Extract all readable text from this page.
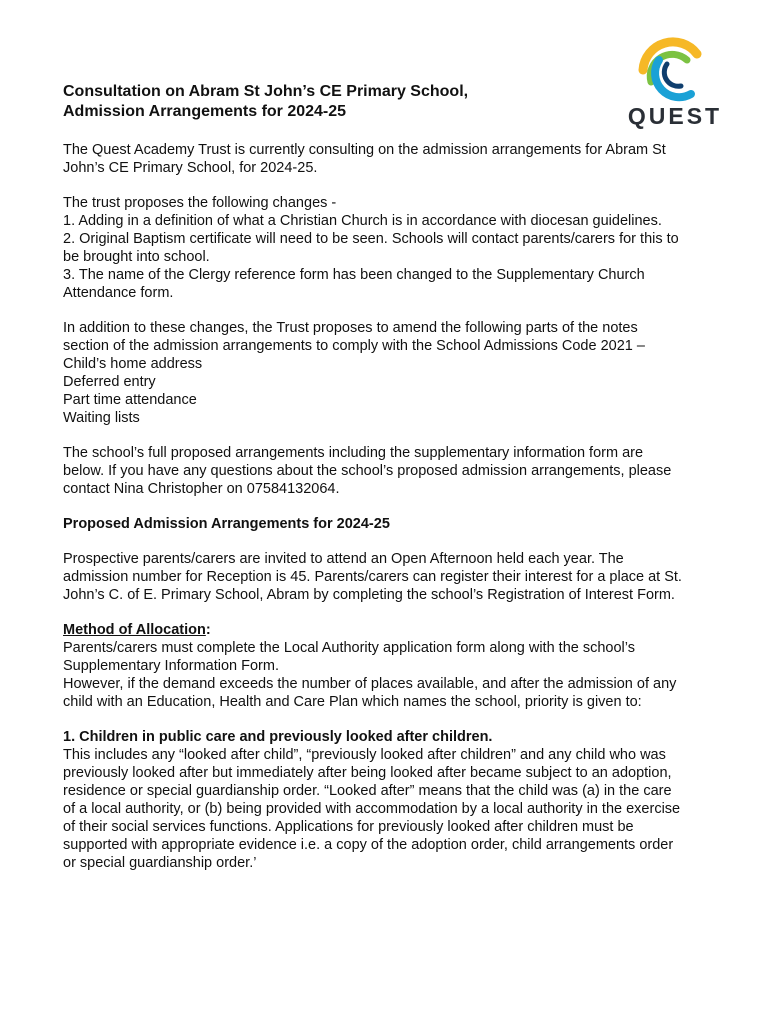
Consultation on Abram St John’s CE Primary School,
Admission Arrangements for 2024-25	QUEST

The Quest Academy Trust is currently consulting on the admission arrangements for Abram St John’s CE Primary School, for 2024-25.

The trust proposes the following changes -
1. Adding in a definition of what a Christian Church is in accordance with diocesan guidelines.
2. Original Baptism certificate will need to be seen. Schools will contact parents/carers for this to be brought into school.
3. The name of the Clergy reference form has been changed to the Supplementary Church Attendance form.

In addition to these changes, the Trust proposes to amend the following parts of the notes section of the admission arrangements to comply with the School Admissions Code 2021 –
Child’s home address
Deferred entry
Part time attendance
Waiting lists

The school’s full proposed arrangements including the supplementary information form are below. If you have any questions about the school’s proposed admission arrangements, please contact Nina Christopher on 07584132064.

Proposed Admission Arrangements for 2024-25

Prospective parents/carers are invited to attend an Open Afternoon held each year. The admission number for Reception is 45. Parents/carers can register their interest for a place at St. John’s C. of E. Primary School, Abram by completing the school’s Registration of Interest Form.

Method of Allocation:
Parents/carers must complete the Local Authority application form along with the school’s Supplementary Information Form.
However, if the demand exceeds the number of places available, and after the admission of any child with an Education, Health and Care Plan which names the school, priority is given to:

1. Children in public care and previously looked after children.
This includes any “looked after child”, “previously looked after children” and any child who was previously looked after but immediately after being looked after became subject to an adoption, residence or special guardianship order. “Looked after” means that the child was (a) in the care of a local authority, or (b) being provided with accommodation by a local authority in the exercise of their social services functions. Applications for previously looked after children must be supported with appropriate evidence i.e. a copy of the adoption order, child arrangements order or special guardianship order.’
